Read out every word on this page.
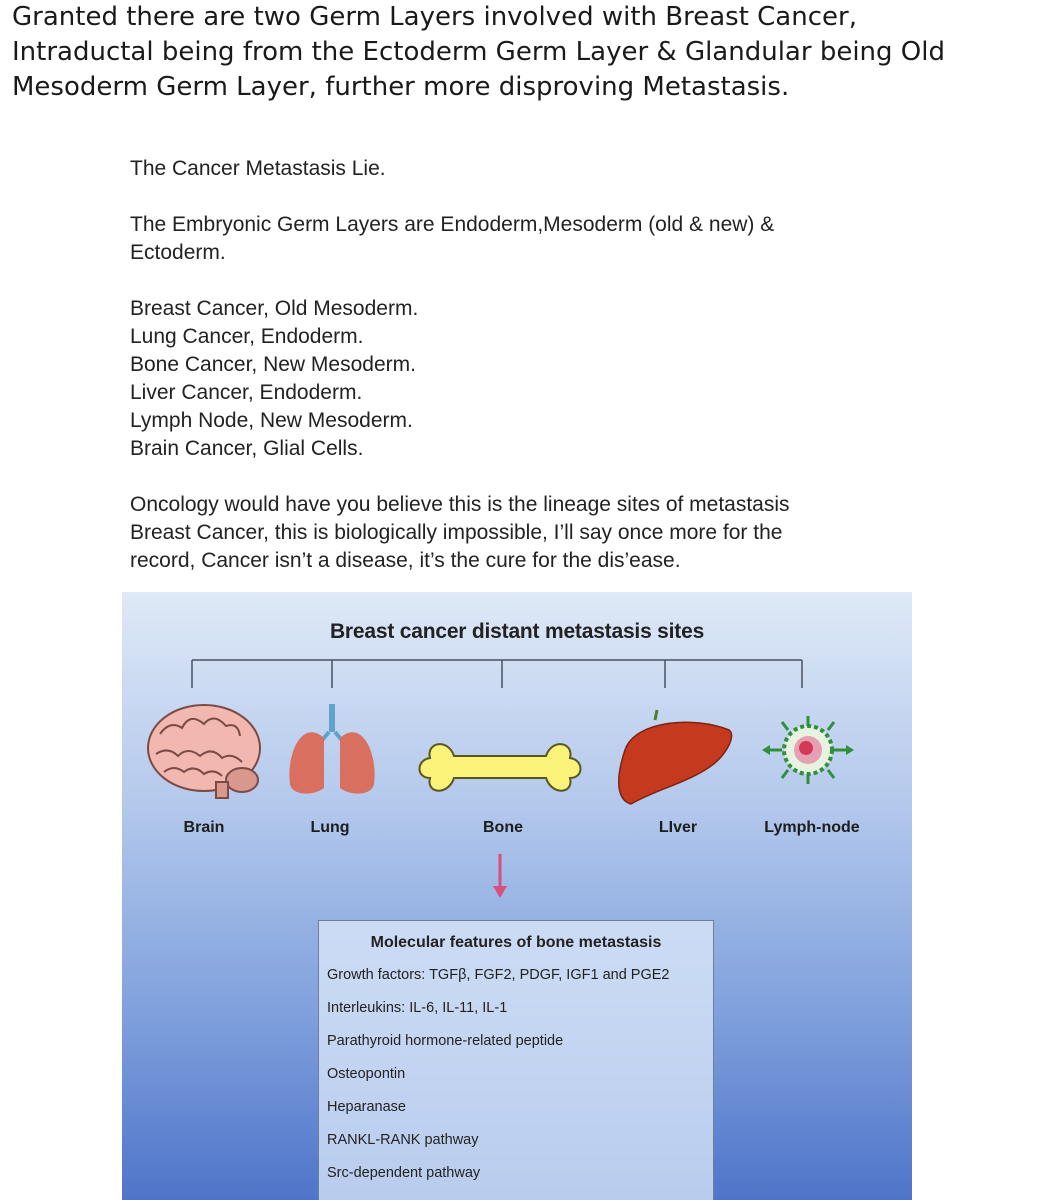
Granted there are two Germ Layers involved with Breast Cancer,
Intraductal being from the Ectoderm Germ Layer & Glandular being Old
Mesoderm Germ Layer, further more disproving Metastasis.
The Cancer Metastasis Lie.
The Embryonic Germ Layers are Endoderm,Mesoderm (old & new) &
Ectoderm.
Breast Cancer, Old Mesoderm.
Lung Cancer, Endoderm.
Bone Cancer, New Mesoderm.
Liver Cancer, Endoderm.
Lymph Node, New Mesoderm.
Brain Cancer, Glial Cells.
Oncology would have you believe this is the lineage sites of metastasis
Breast Cancer, this is biologically impossible, I’ll say once more for the
record, Cancer isn’t a disease, it’s the cure for the dis’ease.
Breast cancer distant metastasis sites
Brain	Lung	Bone	LIver	Lymph-node
Molecular features of bone metastasis
Growth factors: TGFβ, FGF2, PDGF, IGF1 and PGE2
Interleukins: IL-6, IL-11, IL-1
Parathyroid hormone-related peptide
Osteopontin
Heparanase
RANKL-RANK pathway
Src-dependent pathway
